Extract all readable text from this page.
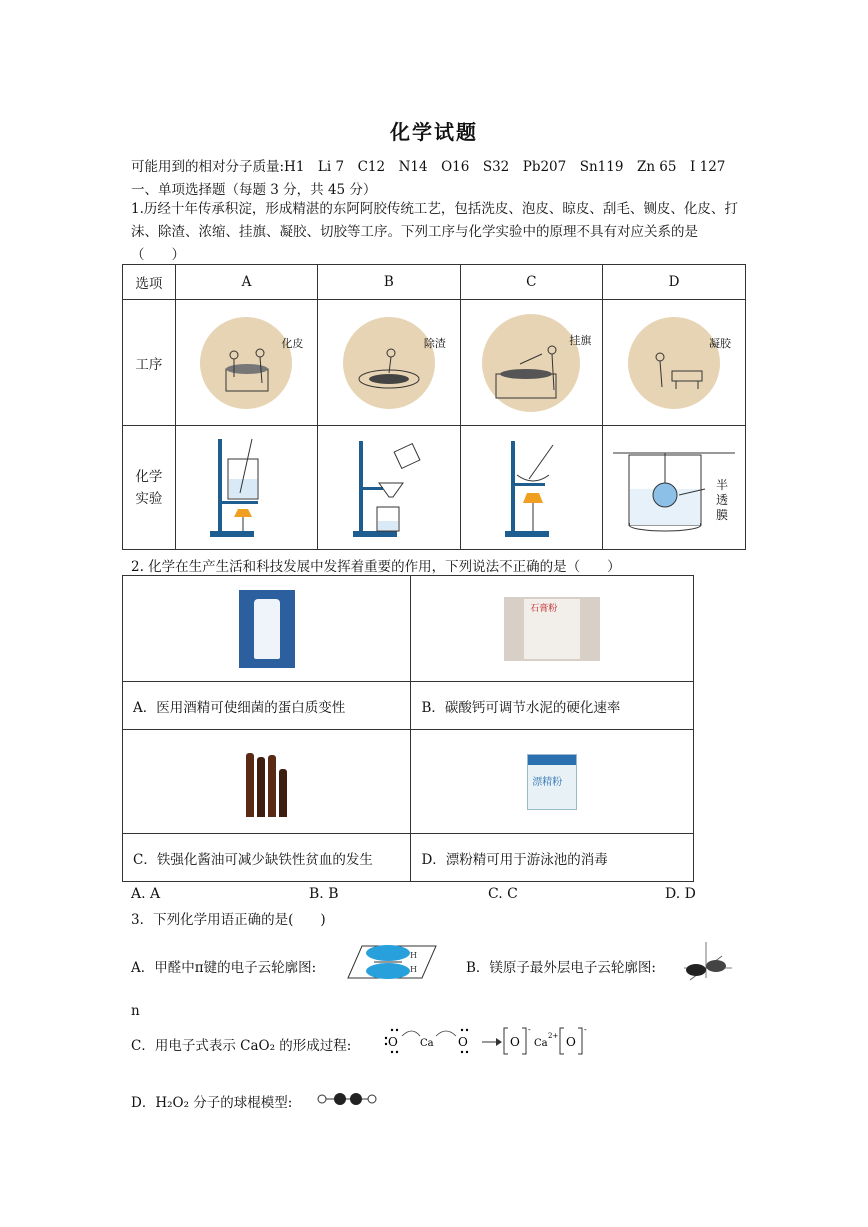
化学试题
可能用到的相对分子质量:H1　Li 7　C12　N14　O16　S32　Pb207　Sn119　Zn 65　I 127
一、单项选择题（每题 3 分，共 45 分）
1.历经十年传承积淀，形成精湛的东阿阿胶传统工艺，包括洗皮、泡皮、晾皮、刮毛、铡皮、化皮、打沫、除渣、浓缩、挂旗、凝胶、切胶等工序。下列工序与化学实验中的原理不具有对应关系的是（　　）
选项	A	B	C	D
工序	化皮	除渣	挂旗	凝胶

化学实验				半透膜
2. 化学在生产生活和科技发展中发挥着重要的作用，下列说法不正确的是（　　）

	石膏粉

A．医用酒精可使细菌的蛋白质变性	B．碳酸钙可调节水泥的硬化速率

	漂精粉

C．铁强化酱油可减少缺铁性贫血的发生	D．漂粉精可用于游泳池的消毒
A. A	B. B	C. C	D. D
3．下列化学用语正确的是(　　)
A．甲醛中π键的电子云轮廓图:
H
H	B．镁原子最外层电子云轮廓图:
n
C．用电子式表示 CaO₂ 的形成过程:	O Ca O	O
-
Ca
2+ O
-
D．H₂O₂ 分子的球棍模型:
